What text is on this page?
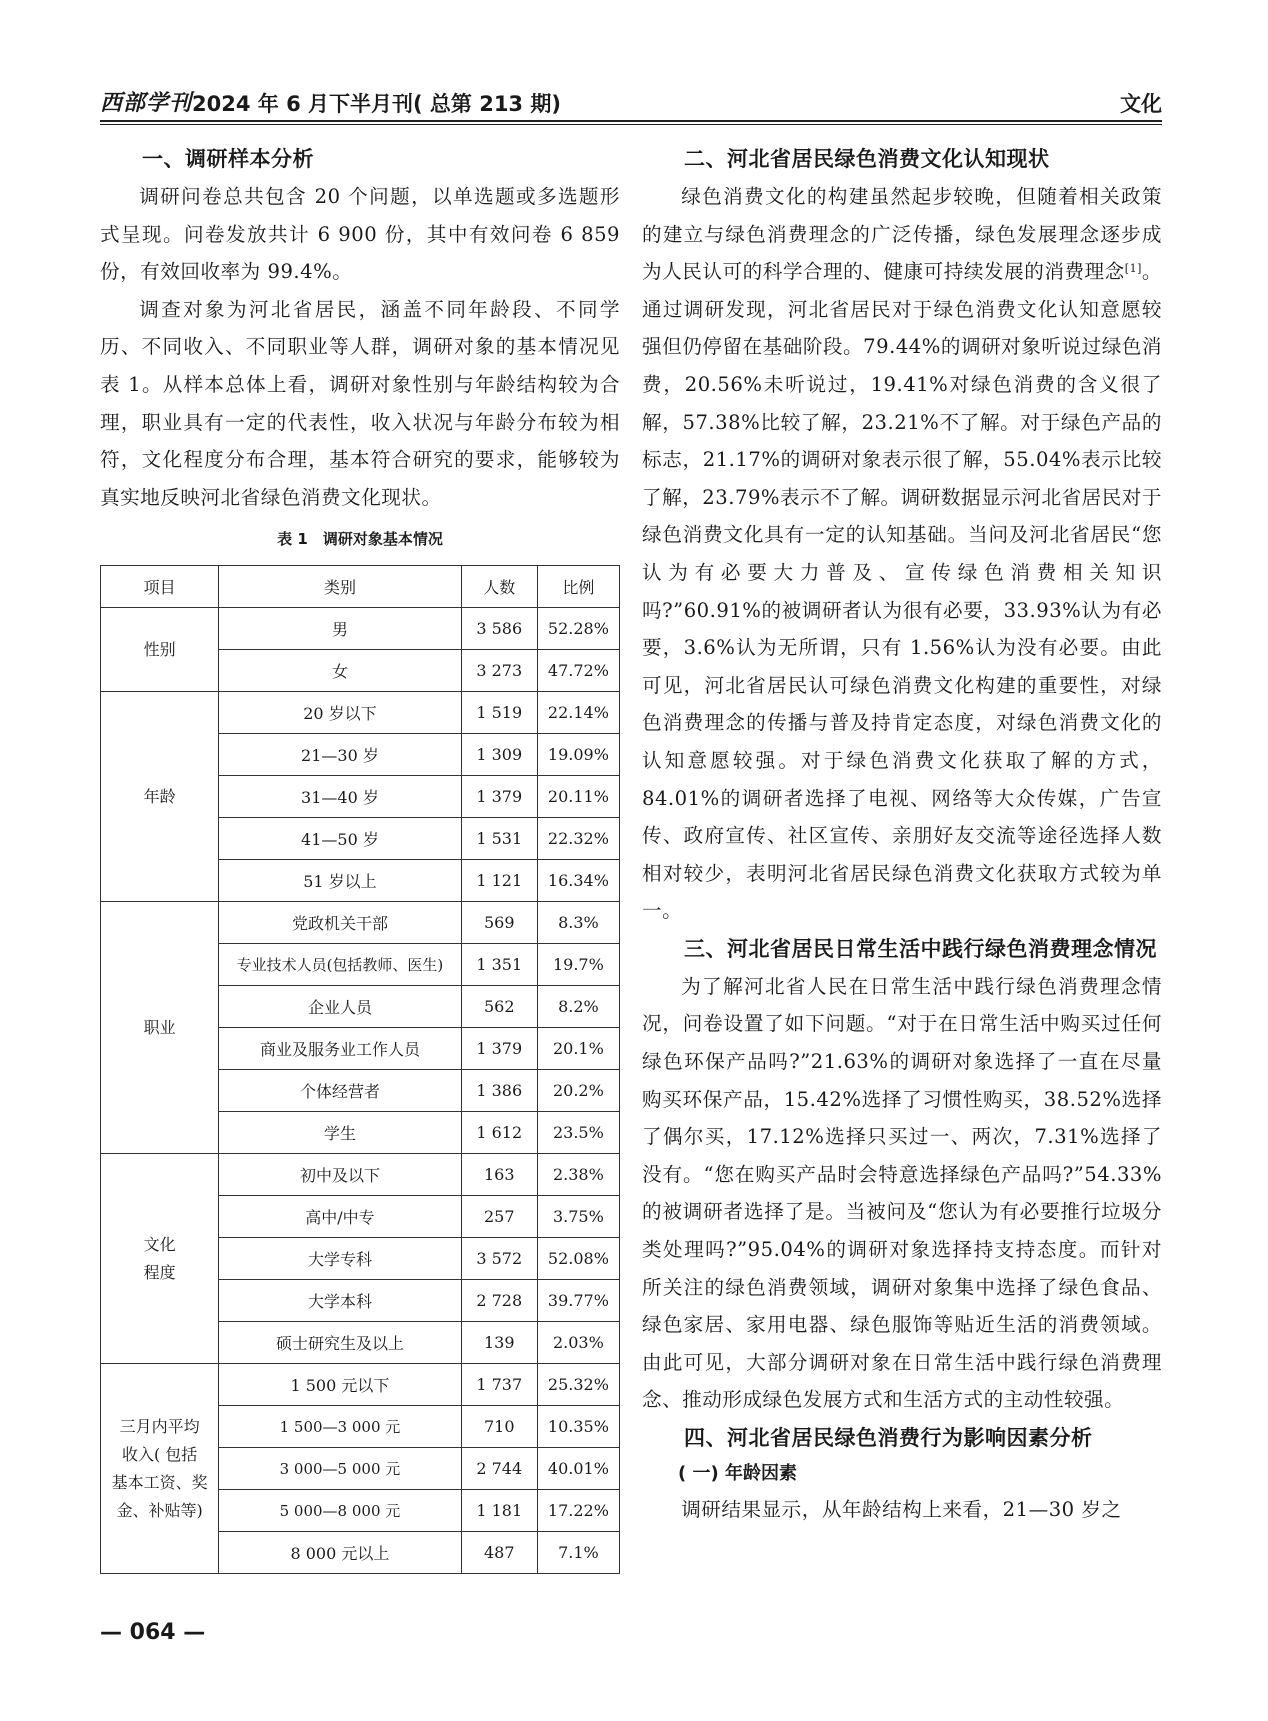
西部学刊 2024 年 6 月下半月刊( 总第 213 期)	文化

一、调研样本分析

调研问卷总共包含 20 个问题，以单选题或多选题形式呈现。问卷发放共计 6 900 份，其中有效问卷 6 859 份，有效回收率为 99.4%。

调查对象为河北省居民，涵盖不同年龄段、不同学历、不同收入、不同职业等人群，调研对象的基本情况见表 1。从样本总体上看，调研对象性别与年龄结构较为合理，职业具有一定的代表性，收入状况与年龄分布较为相符，文化程度分布合理，基本符合研究的要求，能够较为真实地反映河北省绿色消费文化现状。

表 1　调研对象基本情况
项目	类别	人数	比例
性别	男	3 586	52.28%
	女	3 273	47.72%
年龄	20 岁以下	1 519	22.14%
	21—30 岁	1 309	19.09%
	31—40 岁	1 379	20.11%
	41—50 岁	1 531	22.32%
	51 岁以上	1 121	16.34%
职业	党政机关干部	569	8.3%
	专业技术人员(包括教师、医生)	1 351	19.7%
	企业人员	562	8.2%
	商业及服务业工作人员	1 379	20.1%
	个体经营者	1 386	20.2%
	学生	1 612	23.5%
文化
程度	初中及以下	163	2.38%
	高中/中专	257	3.75%
	大学专科	3 572	52.08%
	大学本科	2 728	39.77%
	硕士研究生及以上	139	2.03%
三月内平均
收入( 包括
基本工资、奖
金、补贴等)	1 500 元以下	1 737	25.32%
	1 500—3 000 元	710	10.35%
	3 000—5 000 元	2 744	40.01%
	5 000—8 000 元	1 181	17.22%
	8 000 元以上	487	7.1%

二、河北省居民绿色消费文化认知现状

绿色消费文化的构建虽然起步较晚，但随着相关政策的建立与绿色消费理念的广泛传播，绿色发展理念逐步成为人民认可的科学合理的、健康可持续发展的消费理念[1]。通过调研发现，河北省居民对于绿色消费文化认知意愿较强但仍停留在基础阶段。79.44%的调研对象听说过绿色消费，20.56%未听说过，19.41%对绿色消费的含义很了解，57.38%比较了解，23.21%不了解。对于绿色产品的标志，21.17%的调研对象表示很了解，55.04%表示比较了解，23.79%表示不了解。调研数据显示河北省居民对于绿色消费文化具有一定的认知基础。当问及河北省居民“您认为有必要大力普及、宣传绿色消费相关知识吗?”60.91%的被调研者认为很有必要，33.93%认为有必要，3.6%认为无所谓，只有 1.56%认为没有必要。由此可见，河北省居民认可绿色消费文化构建的重要性，对绿色消费理念的传播与普及持肯定态度，对绿色消费文化的认知意愿较强。对于绿色消费文化获取了解的方式，84.01%的调研者选择了电视、网络等大众传媒，广告宣传、政府宣传、社区宣传、亲朋好友交流等途径选择人数相对较少，表明河北省居民绿色消费文化获取方式较为单一。

三、河北省居民日常生活中践行绿色消费理念情况

为了解河北省人民在日常生活中践行绿色消费理念情况，问卷设置了如下问题。“对于在日常生活中购买过任何绿色环保产品吗?”21.63%的调研对象选择了一直在尽量购买环保产品，15.42%选择了习惯性购买，38.52%选择了偶尔买，17.12%选择只买过一、两次，7.31%选择了没有。“您在购买产品时会特意选择绿色产品吗?”54.33%的被调研者选择了是。当被问及“您认为有必要推行垃圾分类处理吗?”95.04%的调研对象选择持支持态度。而针对所关注的绿色消费领域，调研对象集中选择了绿色食品、绿色家居、家用电器、绿色服饰等贴近生活的消费领域。由此可见，大部分调研对象在日常生活中践行绿色消费理念、推动形成绿色发展方式和生活方式的主动性较强。

四、河北省居民绿色消费行为影响因素分析

( 一) 年龄因素

调研结果显示，从年龄结构上来看，21—30 岁之

— 064 —
